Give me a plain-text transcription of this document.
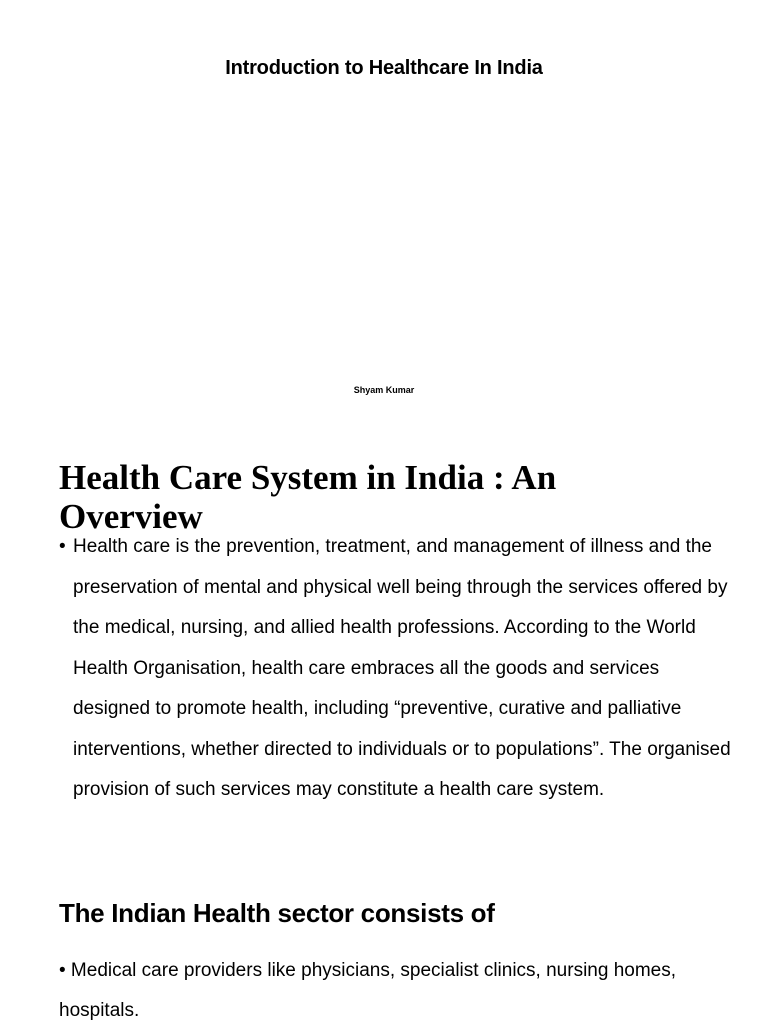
Introduction to Healthcare In India

Shyam Kumar

Health Care System in India : An Overview
• Health care is the prevention, treatment, and management of illness and the preservation of mental and physical well being through the services offered by the medical, nursing, and allied health professions. According to the World Health Organisation, health care embraces all the goods and services designed to promote health, including “preventive, curative and palliative interventions, whether directed to individuals or to populations”. The organised provision of such services may constitute a health care system.
The Indian Health sector consists of

• Medical care providers like physicians, specialist clinics, nursing homes, hospitals.
